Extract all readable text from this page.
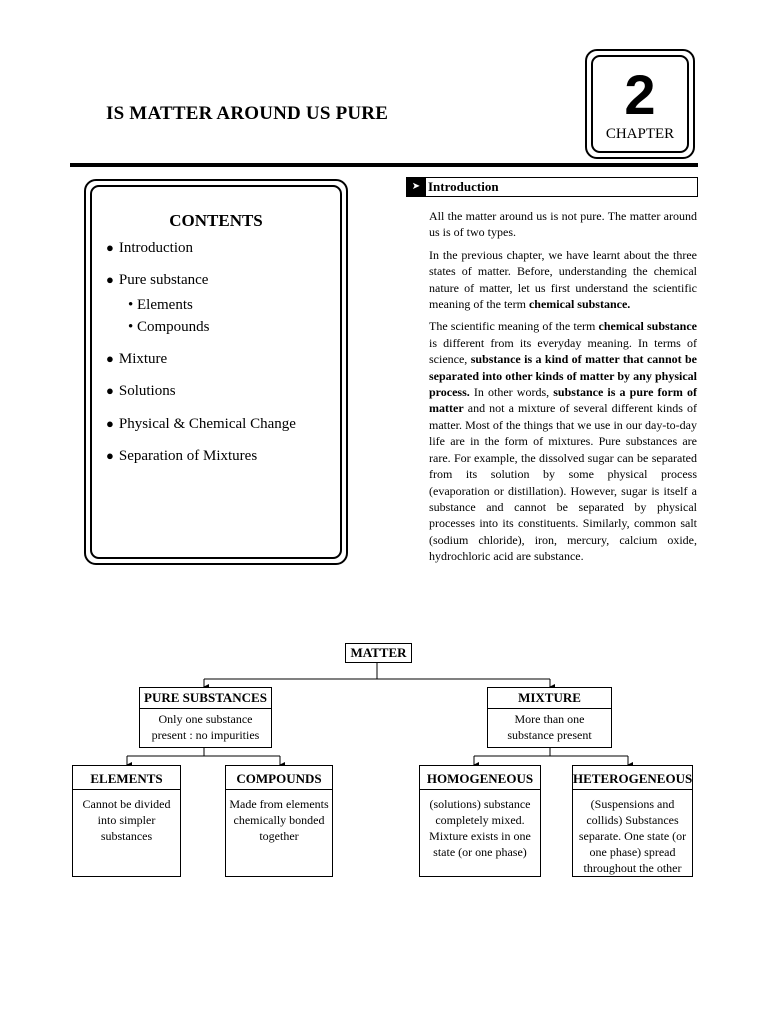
IS MATTER AROUND US PURE	2
CHAPTER
CONTENTS
● Introduction
● Pure substance
• Elements
• Compounds
● Mixture
● Solutions
● Physical & Chemical Change
● Separation of Mixtures
➤ Introduction

All the matter around us is not pure. The matter around us is of two types.

In the previous chapter, we have learnt about the three states of matter. Before, understanding the chemical nature of matter, let us first understand the scientific meaning of the term chemical substance.

The scientific meaning of the term chemical substance is different from its everyday meaning. In terms of science, substance is a kind of matter that cannot be separated into other kinds of matter by any physical process. In other words, substance is a pure form of matter and not a mixture of several different kinds of matter. Most of the things that we use in our day-to-day life are in the form of mixtures. Pure substances are rare. For example, the dissolved sugar can be separated from its solution by some physical process (evaporation or distillation). However, sugar is itself a substance and cannot be separated by physical processes into its constituents. Similarly, common salt (sodium chloride), iron, mercury, calcium oxide, hydrochloric acid are substance.

MATTER
PURE SUBSTANCES
Only one substance present : no impurities
MIXTURE
More than one substance present
ELEMENTS
Cannot be divided into simpler substances
COMPOUNDS
Made from elements chemically bonded together
HOMOGENEOUS
(solutions) substance completely mixed. Mixture exists in one state (or one phase)
HETEROGENEOUS
(Suspensions and collids) Substances separate. One state (or one phase) spread throughout the other
